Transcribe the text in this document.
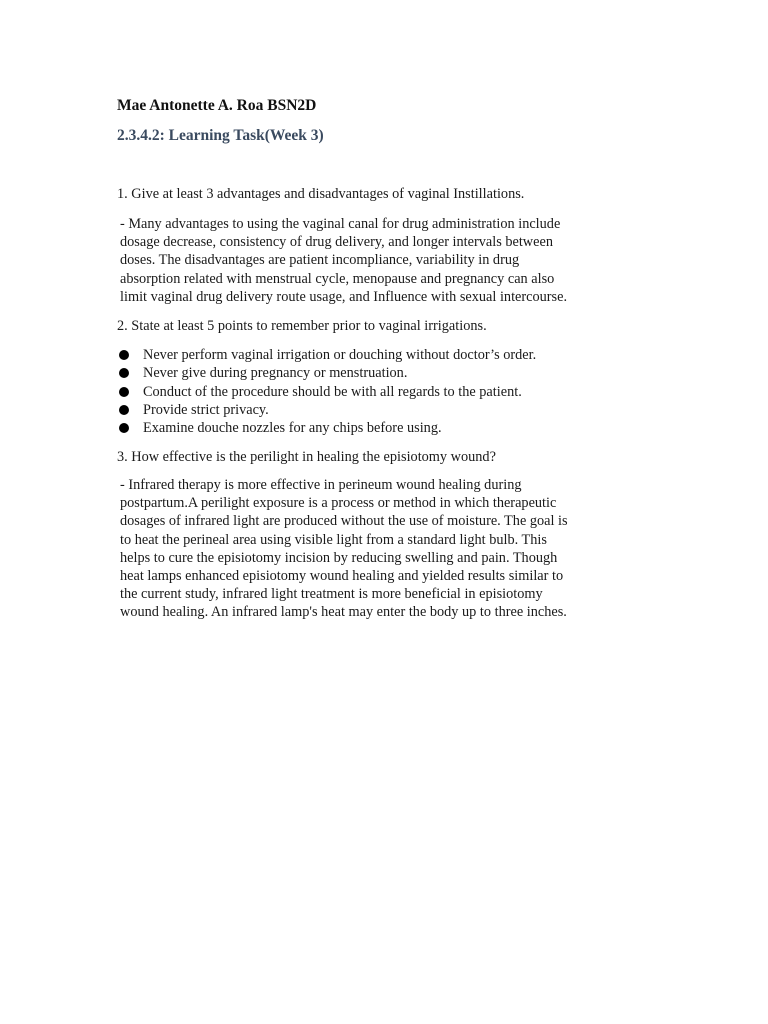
Mae Antonette A. Roa BSN2D
2.3.4.2: Learning Task(Week 3)
1. Give at least 3 advantages and disadvantages of vaginal Instillations.

- Many advantages to using the vaginal canal for drug administration include
dosage decrease, consistency of drug delivery, and longer intervals between
doses. The disadvantages are patient incompliance, variability in drug
absorption related with menstrual cycle, menopause and pregnancy can also
limit vaginal drug delivery route usage, and Influence with sexual intercourse.

2. State at least 5 points to remember prior to vaginal irrigations.
Never perform vaginal irrigation or douching without doctor’s order.
Never give during pregnancy or menstruation.
Conduct of the procedure should be with all regards to the patient.
Provide strict privacy.
Examine douche nozzles for any chips before using.
3. How effective is the perilight in healing the episiotomy wound?

- Infrared therapy is more effective in perineum wound healing during
postpartum.A perilight exposure is a process or method in which therapeutic
dosages of infrared light are produced without the use of moisture. The goal is
to heat the perineal area using visible light from a standard light bulb. This
helps to cure the episiotomy incision by reducing swelling and pain. Though
heat lamps enhanced episiotomy wound healing and yielded results similar to
the current study, infrared light treatment is more beneficial in episiotomy
wound healing. An infrared lamp's heat may enter the body up to three inches.
